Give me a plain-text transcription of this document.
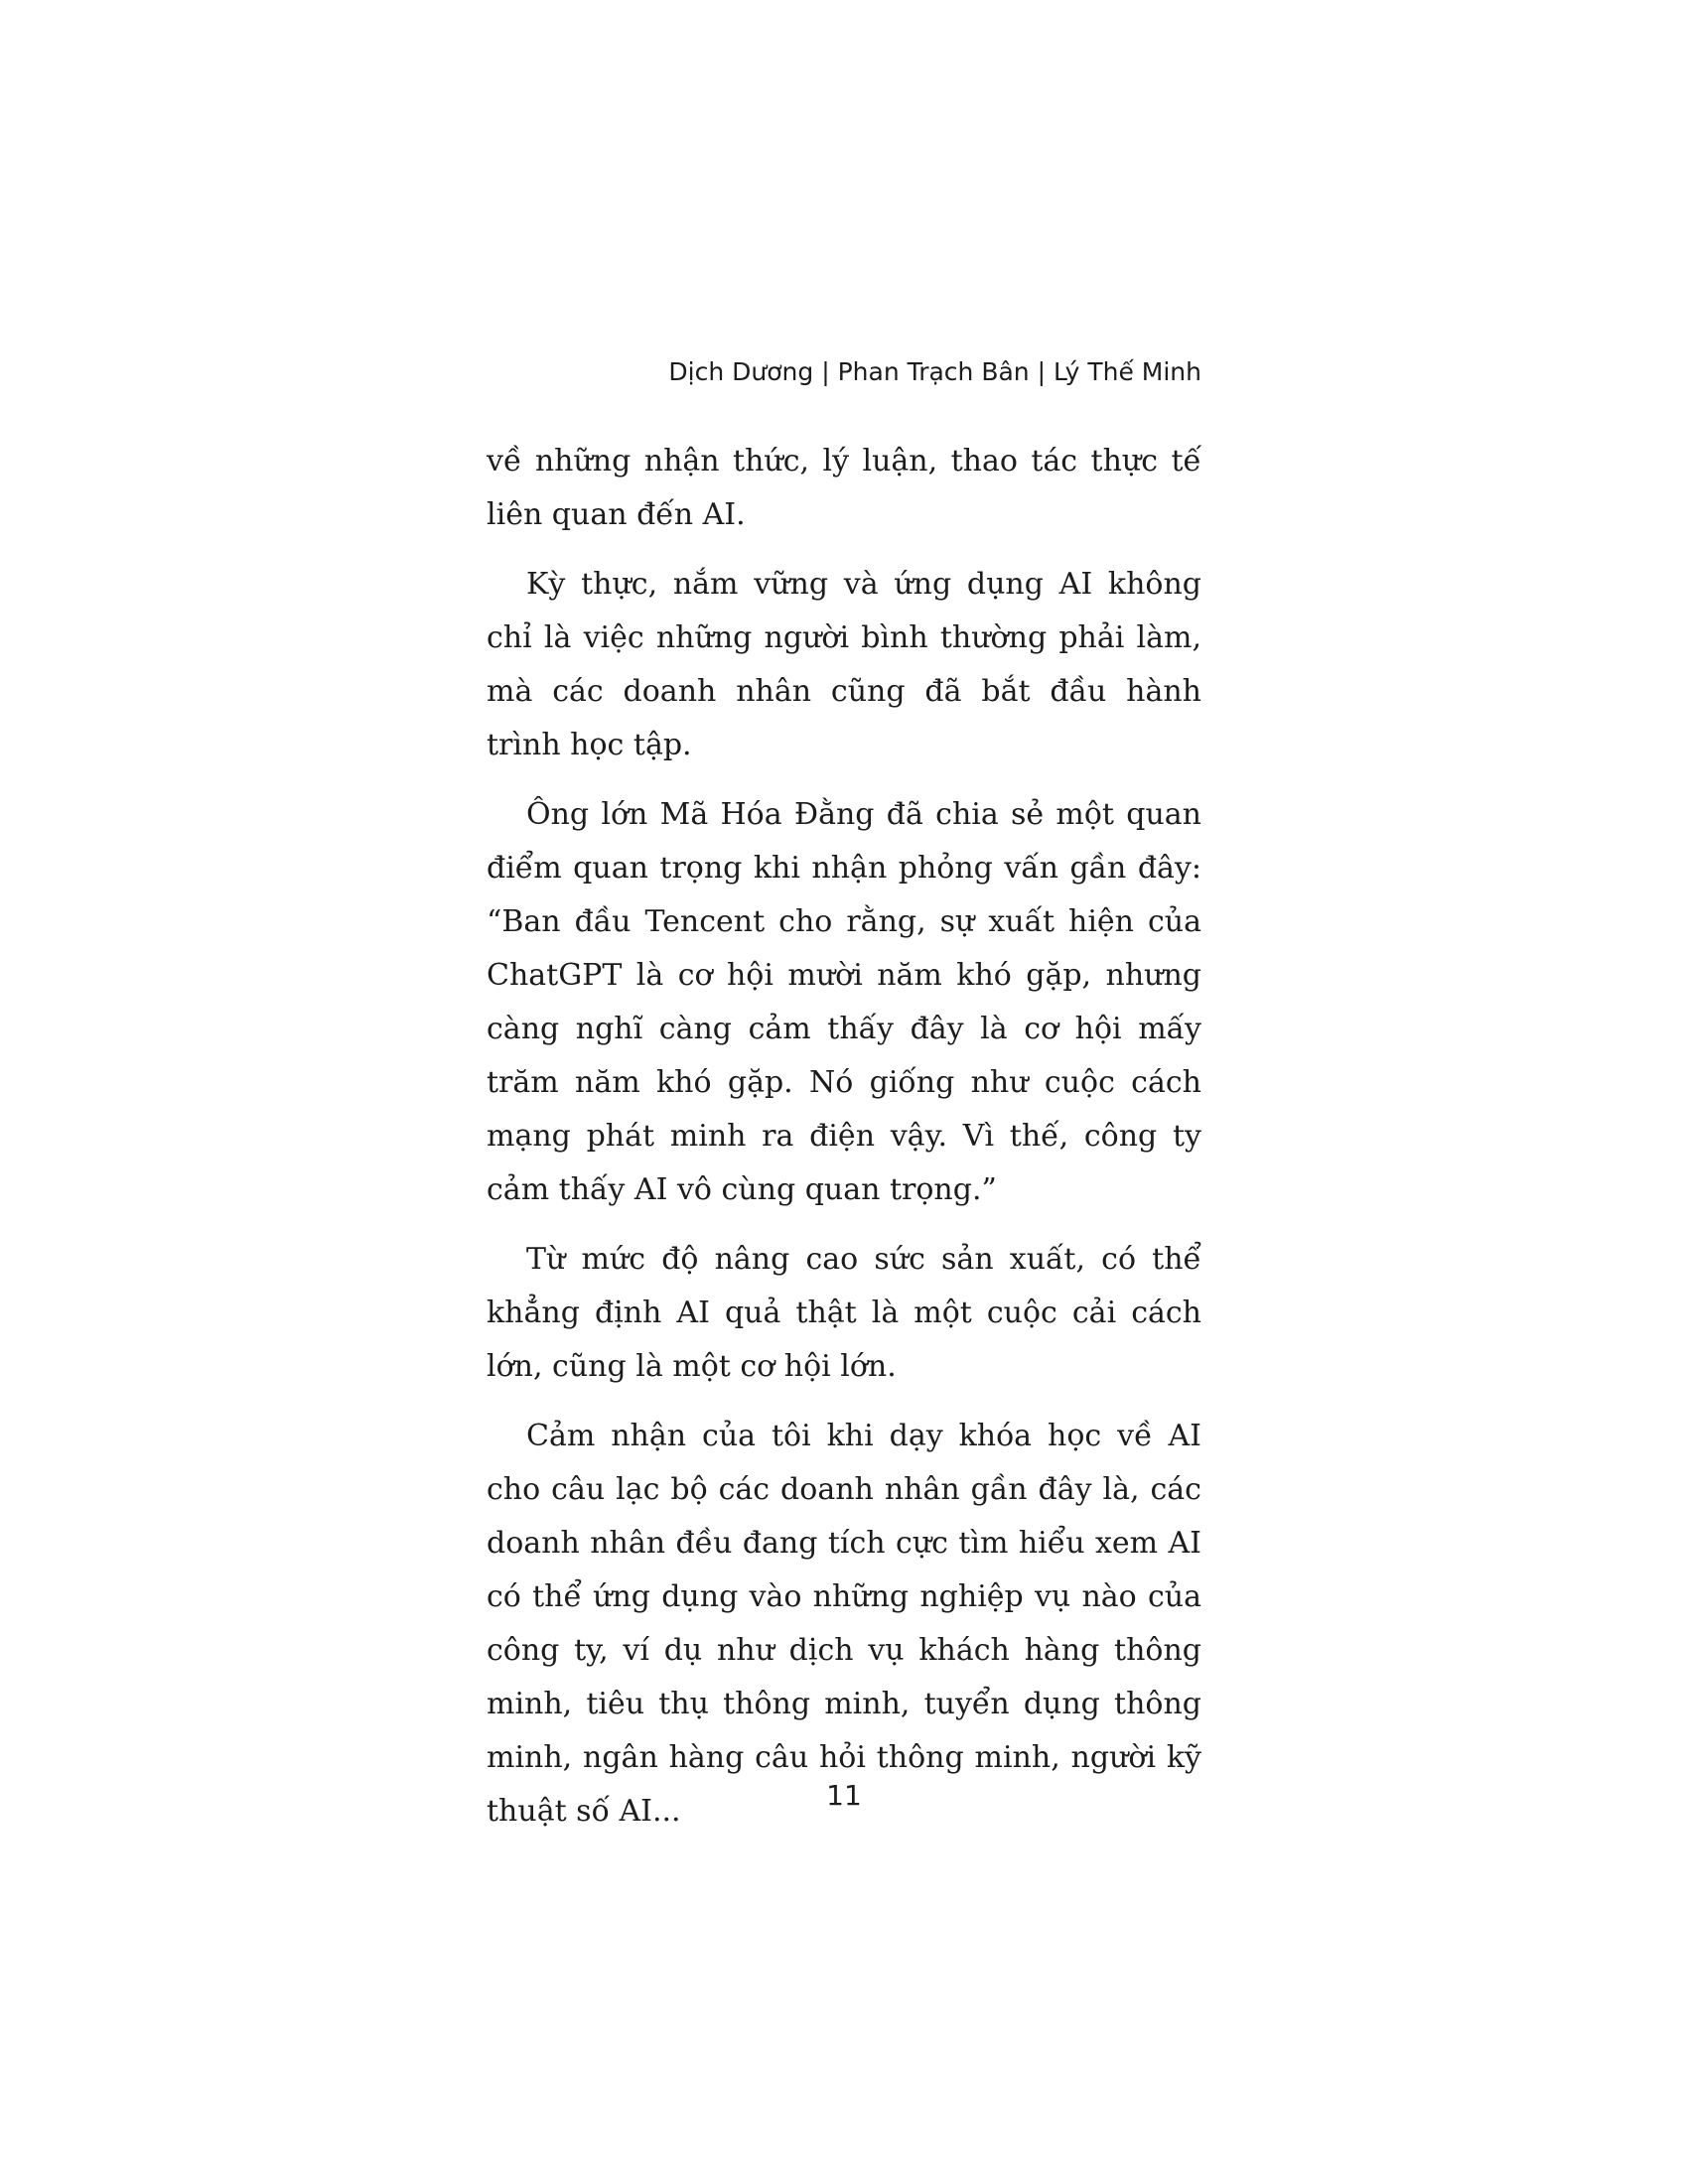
Dịch Dương | Phan Trạch Bân | Lý Thế Minh

về những nhận thức, lý luận, thao tác thực tế liên quan đến AI.

Kỳ thực, nắm vững và ứng dụng AI không chỉ là việc những người bình thường phải làm, mà các doanh nhân cũng đã bắt đầu hành trình học tập.

Ông lớn Mã Hóa Đằng đã chia sẻ một quan điểm quan trọng khi nhận phỏng vấn gần đây: “Ban đầu Tencent cho rằng, sự xuất hiện của ChatGPT là cơ hội mười năm khó gặp, nhưng càng nghĩ càng cảm thấy đây là cơ hội mấy trăm năm khó gặp. Nó giống như cuộc cách mạng phát minh ra điện vậy. Vì thế, công ty cảm thấy AI vô cùng quan trọng.”

Từ mức độ nâng cao sức sản xuất, có thể khẳng định AI quả thật là một cuộc cải cách lớn, cũng là một cơ hội lớn.

Cảm nhận của tôi khi dạy khóa học về AI cho câu lạc bộ các doanh nhân gần đây là, các doanh nhân đều đang tích cực tìm hiểu xem AI có thể ứng dụng vào những nghiệp vụ nào của công ty, ví dụ như dịch vụ khách hàng thông minh, tiêu thụ thông minh, tuyển dụng thông minh, ngân hàng câu hỏi thông minh, người kỹ thuật số AI...	11
